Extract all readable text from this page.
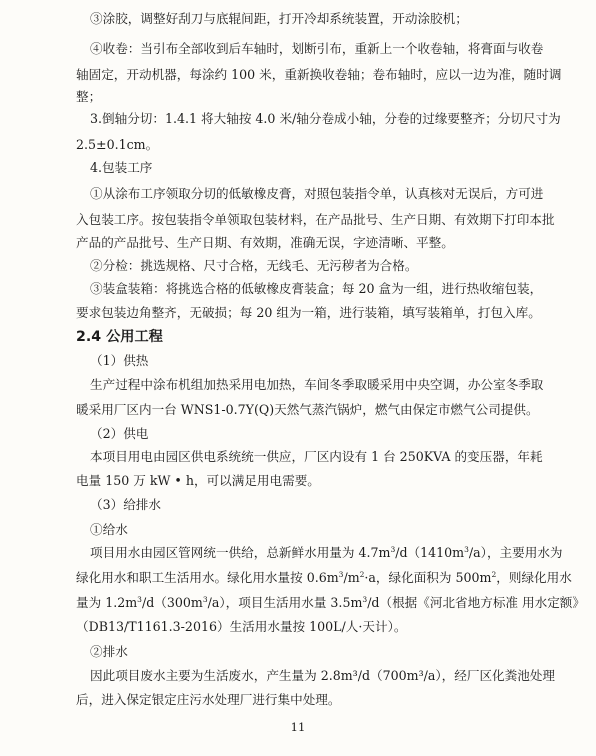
③涂胶，调整好刮刀与底辊间距，打开冷却系统装置，开动涂胶机；

④收卷：当引布全部收到后车轴时，划断引布，重新上一个收卷轴，将膏面与收卷

轴固定，开动机器，每涂约 100 米，重新换收卷轴；卷布轴时，应以一边为准，随时调

整；

3.倒轴分切：1.4.1 将大轴按 4.0 米/轴分卷成小轴，分卷的过缘要整齐；分切尺寸为

2.5±0.1cm。

4.包装工序

①从涂布工序领取分切的低敏橡皮膏，对照包装指令单，认真核对无误后，方可进

入包装工序。按包装指令单领取包装材料，在产品批号、生产日期、有效期下打印本批

产品的产品批号、生产日期、有效期，准确无误，字迹清晰、平整。

②分检：挑选规格、尺寸合格，无线毛、无污秽者为合格。

③装盒装箱：将挑选合格的低敏橡皮膏装盒；每 20 盒为一组，进行热收缩包装，

要求包装边角整齐，无破损；每 20 组为一箱，进行装箱，填写装箱单，打包入库。

2.4 公用工程

（1）供热

生产过程中涂布机组加热采用电加热，车间冬季取暖采用中央空调，办公室冬季取

暖采用厂区内一台 WNS1-0.7Y(Q)天然气蒸汽锅炉，燃气由保定市燃气公司提供。

（2）供电

本项目用电由园区供电系统统一供应，厂区内设有 1 台 250KVA 的变压器，年耗

电量 150 万 kW • h，可以满足用电需要。

（3）给排水

①给水

项目用水由园区管网统一供给，总新鲜水用量为 $4.7m^3/d(1410m^3/a)$，主要用水为

绿化用水和职工生活用水。绿化用水量按 $0.6m^3/m^2\cdot a$，绿化面积为 $500m^2$，则绿化用水

量为 $1.2m^3/d(300m^3/a)$，项目生活用水量 $3.5m^3/d$（根据《河北省地方标准 用水定额》

（DB13/T1161.3-2016）生活用水量按 100L/人·天计）。

②排水

因此项目废水主要为生活废水，产生量为 2.8m³/d（700m³/a），经厂区化粪池处理

后，进入保定银定庄污水处理厂进行集中处理。

11
